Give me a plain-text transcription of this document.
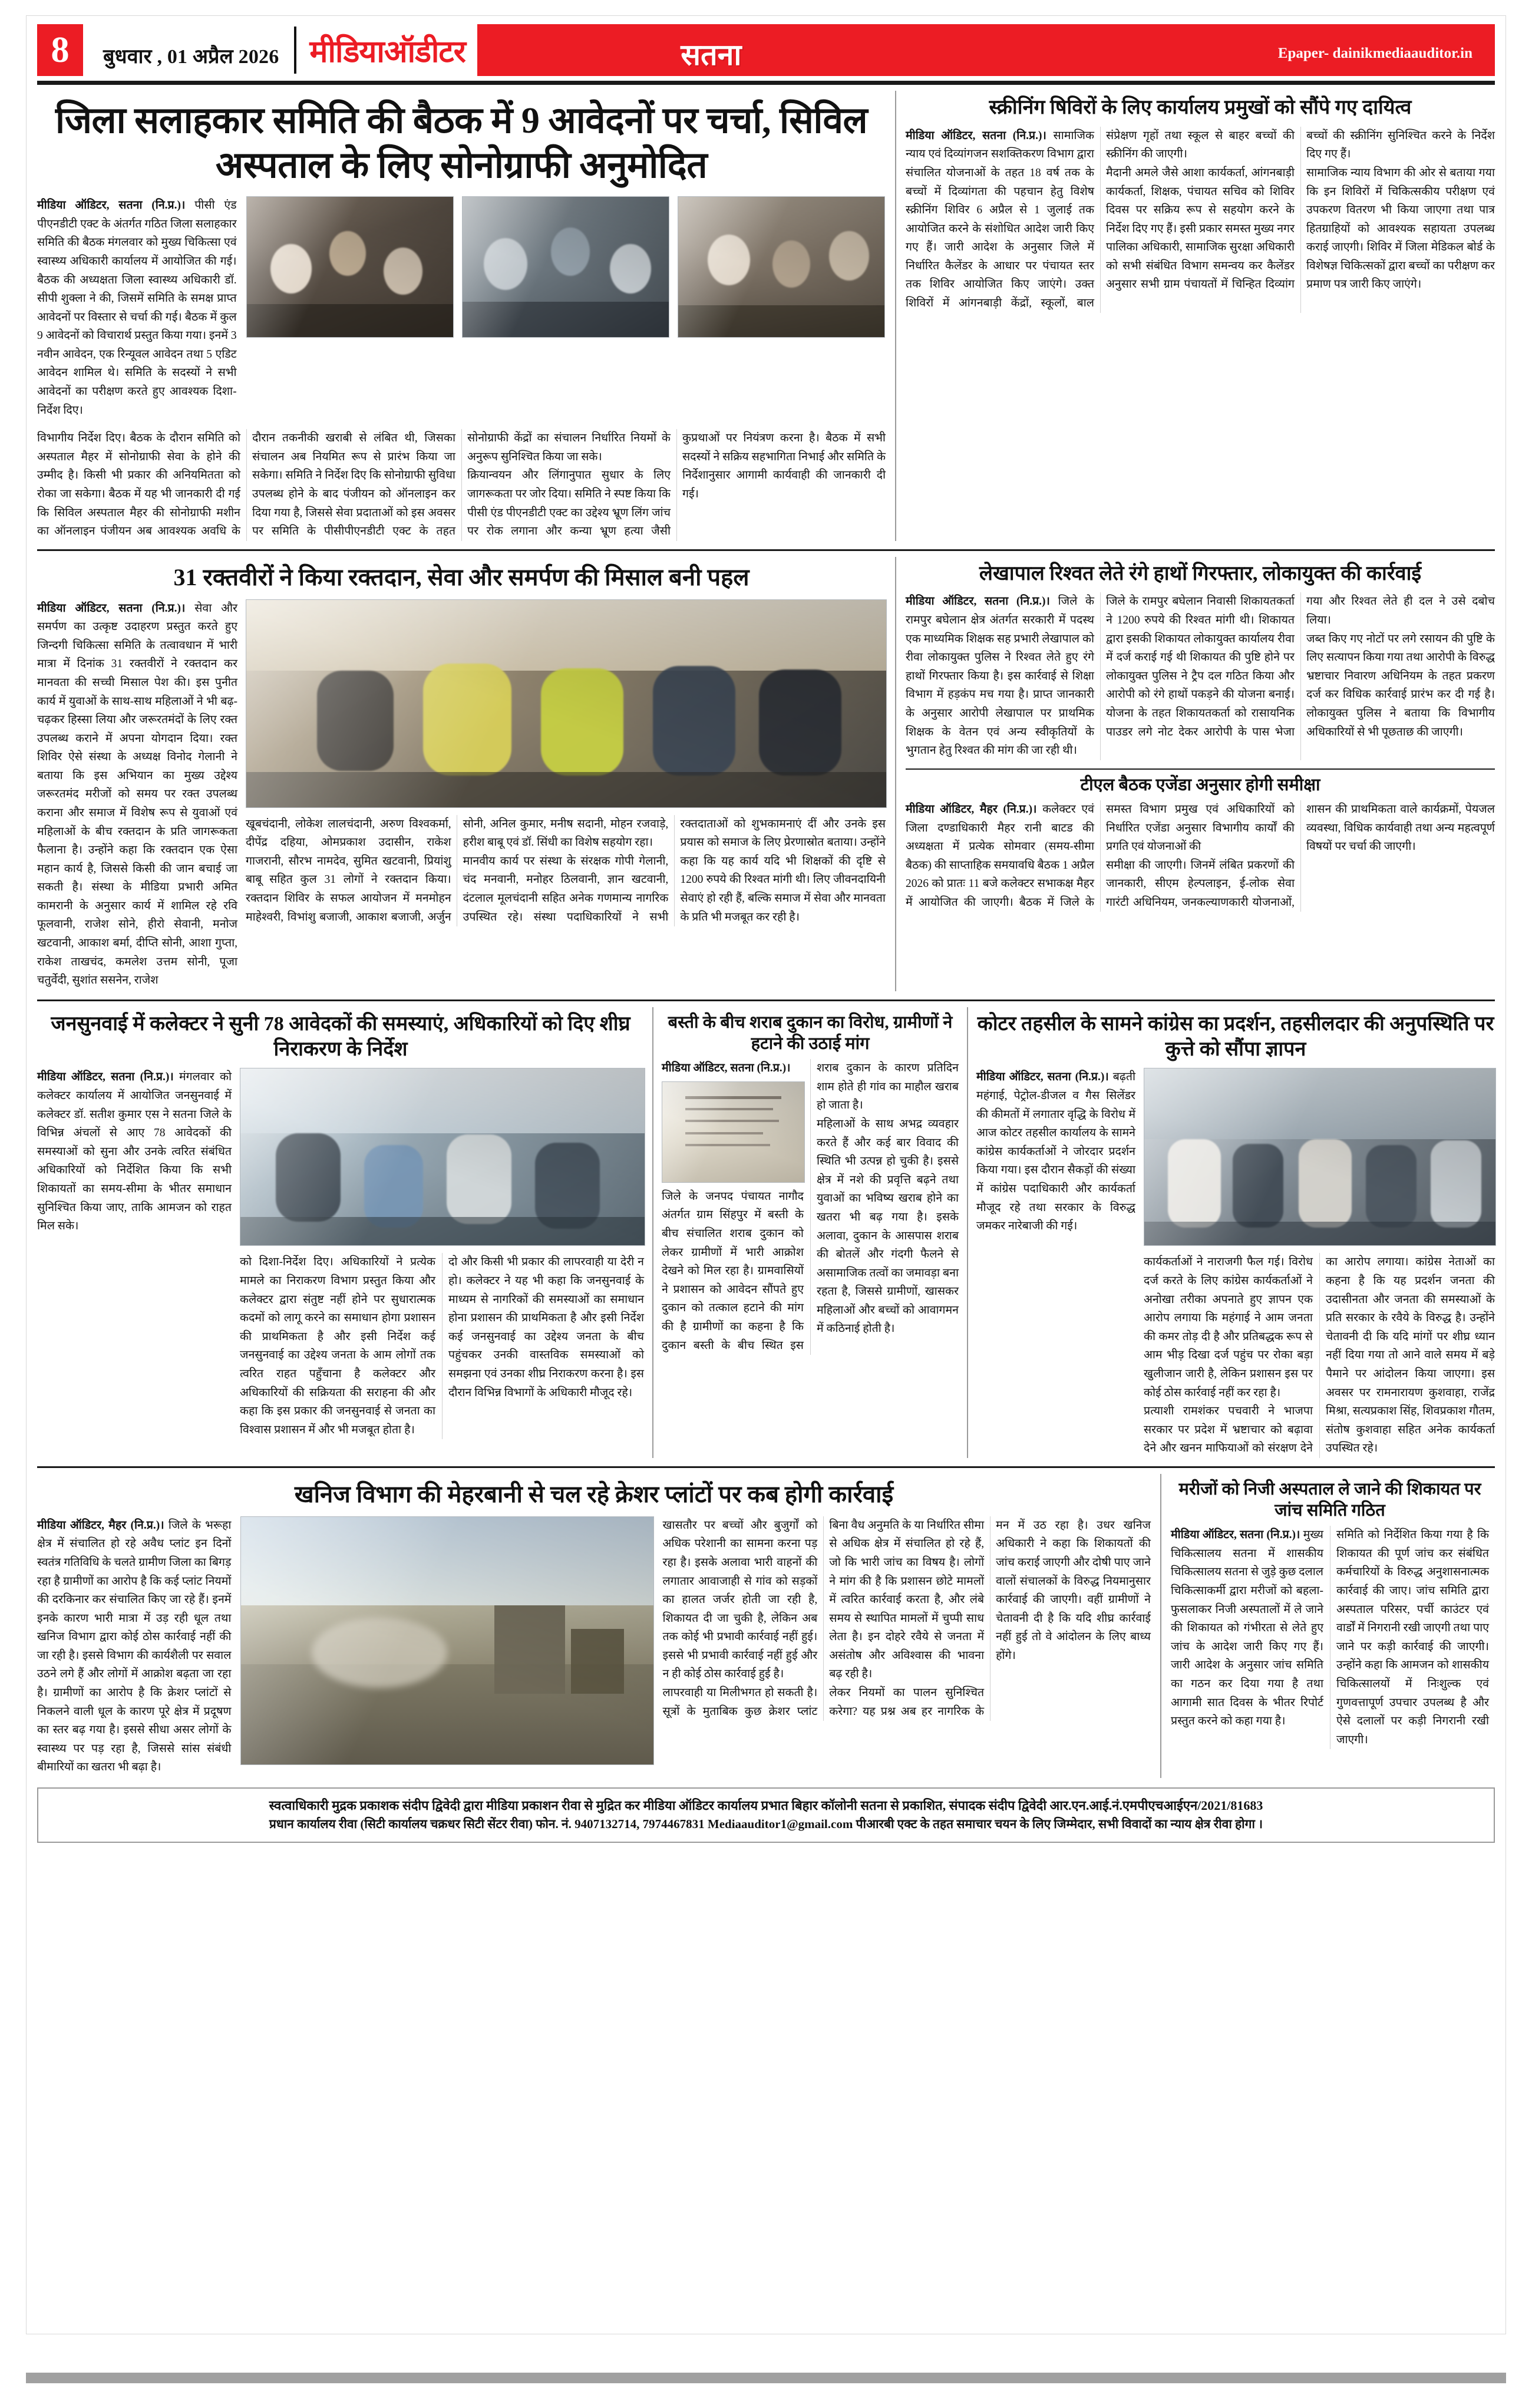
8	बुधवार , 01 अप्रैल 2026	मीडियाऑडीटर	सतना	Epaper- dainikmediaauditor.in
जिला सलाहकार समिति की बैठक में 9 आवेदनों पर चर्चा, सिविल अस्पताल के लिए सोनोग्राफी अनुमोदित

मीडिया ऑडिटर, सतना (नि.प्र.)। पीसी एंड पीएनडीटी एक्ट के अंतर्गत गठित जिला सलाहकार समिति की बैठक मंगलवार को मुख्य चिकित्सा एवं स्वास्थ्य अधिकारी कार्यालय में आयोजित की गई। बैठक की अध्यक्षता जिला स्वास्थ्य अधिकारी डॉ. सीपी शुक्ला ने की, जिसमें समिति के समक्ष प्राप्त आवेदनों पर विस्तार से चर्चा की गई। बैठक में कुल 9 आवेदनों को विचारार्थ प्रस्तुत किया गया। इनमें 3 नवीन आवेदन, एक रिन्यूवल आवेदन तथा 5 एडिट आवेदन शामिल थे। समिति के सदस्यों ने सभी आवेदनों का परीक्षण करते हुए आवश्यक दिशा-निर्देश दिए।

विभागीय निर्देश दिए। बैठक के दौरान समिति को अस्पताल मैहर में सोनोग्राफी सेवा के होने की उम्मीद है। किसी भी प्रकार की अनियमितता को रोका जा सकेगा। बैठक में यह भी जानकारी दी गई कि सिविल अस्पताल मैहर की सोनोग्राफी मशीन का ऑनलाइन पंजीयन अब आवश्यक अवधि के दौरान तकनीकी खराबी से लंबित थी, जिसका संचालन अब नियमित रूप से प्रारंभ किया जा सकेगा। समिति ने निर्देश दिए कि सोनोग्राफी सुविधा उपलब्ध होने के बाद पंजीयन को ऑनलाइन कर दिया गया है, जिससे सेवा प्रदाताओं को इस अवसर पर समिति के पीसीपीएनडीटी एक्ट के तहत सोनोग्राफी केंद्रों का संचालन निर्धारित नियमों के अनुरूप सुनिश्चित किया जा सके।
क्रियान्वयन और लिंगानुपात सुधार के लिए जागरूकता पर जोर दिया। समिति ने स्पष्ट किया कि पीसी एंड पीएनडीटी एक्ट का उद्देश्य भ्रूण लिंग जांच पर रोक लगाना और कन्या भ्रूण हत्या जैसी कुप्रथाओं पर नियंत्रण करना है। बैठक में सभी सदस्यों ने सक्रिय सहभागिता निभाई और समिति के निर्देशानुसार आगामी कार्यवाही की जानकारी दी गई।
स्क्रीनिंग षिविरों के लिए कार्यालय प्रमुखों को सौंपे गए दायित्व

मीडिया ऑडिटर, सतना (नि.प्र.)। सामाजिक न्याय एवं दिव्यांगजन सशक्तिकरण विभाग द्वारा संचालित योजनाओं के तहत 18 वर्ष तक के बच्चों में दिव्यांगता की पहचान हेतु विशेष स्क्रीनिंग शिविर 6 अप्रैल से 1 जुलाई तक आयोजित करने के संशोधित आदेश जारी किए गए हैं। जारी आदेश के अनुसार जिले में निर्धारित कैलेंडर के आधार पर पंचायत स्तर तक शिविर आयोजित किए जाएंगे। उक्त शिविरों में आंगनबाड़ी केंद्रों, स्कूलों, बाल संप्रेक्षण गृहों तथा स्कूल से बाहर बच्चों की स्क्रीनिंग की जाएगी।

मैदानी अमले जैसे आशा कार्यकर्ता, आंगनबाड़ी कार्यकर्ता, शिक्षक, पंचायत सचिव को शिविर दिवस पर सक्रिय रूप से सहयोग करने के निर्देश दिए गए हैं। इसी प्रकार समस्त मुख्य नगर पालिका अधिकारी, सामाजिक सुरक्षा अधिकारी को सभी संबंधित विभाग समन्वय कर कैलेंडर अनुसार सभी ग्राम पंचायतों में चिन्हित दिव्यांग बच्चों की स्क्रीनिंग सुनिश्चित करने के निर्देश दिए गए हैं।
सामाजिक न्याय विभाग की ओर से बताया गया कि इन शिविरों में चिकित्सकीय परीक्षण एवं उपकरण वितरण भी किया जाएगा तथा पात्र हितग्राहियों को आवश्यक सहायता उपलब्ध कराई जाएगी। शिविर में जिला मेडिकल बोर्ड के विशेषज्ञ चिकित्सकों द्वारा बच्चों का परीक्षण कर प्रमाण पत्र जारी किए जाएंगे।
31 रक्तवीरों ने किया रक्तदान, सेवा और समर्पण की मिसाल बनी पहल

मीडिया ऑडिटर, सतना (नि.प्र.)। सेवा और समर्पण का उत्कृष्ट उदाहरण प्रस्तुत करते हुए जिन्दगी चिकित्सा समिति के तत्वावधान में भारी मात्रा में दिनांक 31 रक्तवीरों ने रक्तदान कर मानवता की सच्ची मिसाल पेश की। इस पुनीत कार्य में युवाओं के साथ-साथ महिलाओं ने भी बढ़-चढ़कर हिस्सा लिया और जरूरतमंदों के लिए रक्त उपलब्ध कराने में अपना योगदान दिया। रक्त शिविर ऐसे संस्था के अध्यक्ष विनोद गेलानी ने बताया कि इस अभियान का मुख्य उद्देश्य जरूरतमंद मरीजों को समय पर रक्त उपलब्ध कराना और समाज में विशेष रूप से युवाओं एवं महिलाओं के बीच रक्तदान के प्रति जागरूकता फैलाना है। उन्होंने कहा कि रक्तदान एक ऐसा महान कार्य है, जिससे किसी की जान बचाई जा सकती है। संस्था के मीडिया प्रभारी अमित कामरानी के अनुसार कार्य में शामिल रहे रवि फूलवानी, राजेश सोने, हीरो सेवानी, मनोज खटवानी, आकाश बर्मा, दीप्ति सोनी, आशा गुप्ता, राकेश ताखचंद, कमलेश उत्तम सोनी, पूजा चतुर्वेदी, सुशांत ससनेन, राजेश

खूबचंदानी, लोकेश लालचंदानी, अरुण विश्वकर्मा, दीपेंद्र दहिया, ओमप्रकाश उदासीन, राकेश गाजरानी, सौरभ नामदेव, सुमित खटवानी, प्रियांशु बाबू सहित कुल 31 लोगों ने रक्तदान किया। रक्तदान शिविर के सफल आयोजन में मनमोहन माहेश्वरी, विभांशु बजाजी, आकाश बजाजी, अर्जुन सोनी, अनिल कुमार, मनीष सदानी, मोहन रजवाड़े, हरीश बाबू एवं डॉ. सिंधी का विशेष सहयोग रहा।
मानवीय कार्य पर संस्था के संरक्षक गोपी गेलानी, चंद मनवानी, मनोहर ठिलवानी, ज्ञान खटवानी, दंटलाल मूलचंदानी सहित अनेक गणमान्य नागरिक उपस्थित रहे। संस्था पदाधिकारियों ने सभी रक्तदाताओं को शुभकामनाएं दीं और उनके इस प्रयास को समाज के लिए प्रेरणास्रोत बताया। उन्होंने कहा कि यह कार्य यदि भी शिक्षकों की दृष्टि से 1200 रुपये की रिश्वत मांगी थी। लिए जीवनदायिनी सेवाएं हो रही हैं, बल्कि समाज में सेवा और मानवता के प्रति भी मजबूत कर रही है।
लेखापाल रिश्वत लेते रंगे हाथों गिरफ्तार, लोकायुक्त की कार्रवाई

मीडिया ऑडिटर, सतना (नि.प्र.)। जिले के रामपुर बघेलान क्षेत्र अंतर्गत सरकारी में पदस्थ एक माध्यमिक शिक्षक सह प्रभारी लेखापाल को रीवा लोकायुक्त पुलिस ने रिश्वत लेते हुए रंगे हाथों गिरफ्तार किया है। इस कार्रवाई से शिक्षा विभाग में हड़कंप मच गया है। प्राप्त जानकारी के अनुसार आरोपी लेखापाल पर प्राथमिक शिक्षक के वेतन एवं अन्य स्वीकृतियों के भुगतान हेतु रिश्वत की मांग की जा रही थी।

जिले के रामपुर बघेलान निवासी शिकायतकर्ता ने 1200 रुपये की रिश्वत मांगी थी। शिकायत द्वारा इसकी शिकायत लोकायुक्त कार्यालय रीवा में दर्ज कराई गई थी शिकायत की पुष्टि होने पर लोकायुक्त पुलिस ने ट्रैप दल गठित किया और आरोपी को रंगे हाथों पकड़ने की योजना बनाई। योजना के तहत शिकायतकर्ता को रासायनिक पाउडर लगे नोट देकर आरोपी के पास भेजा गया और रिश्वत लेते ही दल ने उसे दबोच लिया।
जब्त किए गए नोटों पर लगे रसायन की पुष्टि के लिए सत्यापन किया गया तथा आरोपी के विरुद्ध भ्रष्टाचार निवारण अधिनियम के तहत प्रकरण दर्ज कर विधिक कार्रवाई प्रारंभ कर दी गई है। लोकायुक्त पुलिस ने बताया कि विभागीय अधिकारियों से भी पूछताछ की जाएगी।
टीएल बैठक एजेंडा अनुसार होगी समीक्षा

मीडिया ऑडिटर, मैहर (नि.प्र.)। कलेक्टर एवं जिला दण्डाधिकारी मैहर रानी बाटड की अध्यक्षता में प्रत्येक सोमवार (समय-सीमा बैठक) की साप्ताहिक समयावधि बैठक 1 अप्रैल 2026 को प्रातः 11 बजे कलेक्टर सभाकक्ष मैहर में आयोजित की जाएगी। बैठक में जिले के समस्त विभाग प्रमुख एवं अधिकारियों को निर्धारित एजेंडा अनुसार विभागीय कार्यों की प्रगति एवं योजनाओं की

समीक्षा की जाएगी। जिनमें लंबित प्रकरणों की जानकारी, सीएम हेल्पलाइन, ई-लोक सेवा गारंटी अधिनियम, जनकल्याणकारी योजनाओं, शासन की प्राथमिकता वाले कार्यक्रमों, पेयजल व्यवस्था, विधिक कार्यवाही तथा अन्य महत्वपूर्ण विषयों पर चर्चा की जाएगी।
जनसुनवाई में कलेक्टर ने सुनी 78 आवेदकों की समस्याएं, अधिकारियों को दिए शीघ्र निराकरण के निर्देश

मीडिया ऑडिटर, सतना (नि.प्र.)। मंगलवार को कलेक्टर कार्यालय में आयोजित जनसुनवाई में कलेक्टर डॉ. सतीश कुमार एस ने सतना जिले के विभिन्न अंचलों से आए 78 आवेदकों की समस्याओं को सुना और उनके त्वरित संबंधित अधिकारियों को निर्देशित किया कि सभी शिकायतों का समय-सीमा के भीतर समाधान सुनिश्चित किया जाए, ताकि आमजन को राहत मिल सके।

को दिशा-निर्देश दिए। अधिकारियों ने प्रत्येक मामले का निराकरण विभाग प्रस्तुत किया और कलेक्टर द्वारा संतुष्ट नहीं होने पर सुधारात्मक कदमों को लागू करने का समाधान होगा प्रशासन की प्राथमिकता है और इसी निर्देश कई जनसुनवाई का उद्देश्य जनता के आम लोगों तक त्वरित राहत पहुँचाना है कलेक्टर और अधिकारियों की सक्रियता की सराहना की और कहा कि इस प्रकार की जनसुनवाई से जनता का विश्वास प्रशासन में और भी मजबूत होता है।
दो और किसी भी प्रकार की लापरवाही या देरी न हो। कलेक्टर ने यह भी कहा कि जनसुनवाई के माध्यम से नागरिकों की समस्याओं का समाधान होना प्रशासन की प्राथमिकता है और इसी निर्देश कई जनसुनवाई का उद्देश्य जनता के बीच पहुंचकर उनकी वास्तविक समस्याओं को समझना एवं उनका शीघ्र निराकरण करना है। इस दौरान विभिन्न विभागों के अधिकारी मौजूद रहे।
बस्ती के बीच शराब दुकान का विरोध, ग्रामीणों ने हटाने की उठाई मांग

मीडिया ऑडिटर, सतना (नि.प्र.)।

जिले के जनपद पंचायत नागौद अंतर्गत ग्राम सिंहपुर में बस्ती के बीच संचालित शराब दुकान को लेकर ग्रामीणों में भारी आक्रोश देखने को मिल रहा है। ग्रामवासियों ने प्रशासन को आवेदन सौंपते हुए दुकान को तत्काल हटाने की मांग की है ग्रामीणों का कहना है कि दुकान बस्ती के बीच स्थित इस शराब दुकान के कारण प्रतिदिन शाम होते ही गांव का माहौल खराब हो जाता है।

महिलाओं के साथ अभद्र व्यवहार करते हैं और कई बार विवाद की स्थिति भी उत्पन्न हो चुकी है। इससे क्षेत्र में नशे की प्रवृत्ति बढ़ने तथा युवाओं का भविष्य खराब होने का खतरा भी बढ़ गया है। इसके अलावा, दुकान के आसपास शराब की बोतलें और गंदगी फैलने से असामाजिक तत्वों का जमावड़ा बना रहता है, जिससे ग्रामीणों, खासकर महिलाओं और बच्चों को आवागमन में कठिनाई होती है।
कोटर तहसील के सामने कांग्रेस का प्रदर्शन, तहसीलदार की अनुपस्थिति पर कुत्ते को सौंपा ज्ञापन

मीडिया ऑडिटर, सतना (नि.प्र.)। बढ़ती महंगाई, पेट्रोल-डीजल व गैस सिलेंडर की कीमतों में लगातार वृद्धि के विरोध में आज कोटर तहसील कार्यालय के सामने कांग्रेस कार्यकर्ताओं ने जोरदार प्रदर्शन किया गया। इस दौरान सैकड़ों की संख्या में कांग्रेस पदाधिकारी और कार्यकर्ता मौजूद रहे तथा सरकार के विरुद्ध जमकर नारेबाजी की गई।

कार्यकर्ताओं ने नाराजगी फैल गई। विरोध दर्ज करते के लिए कांग्रेस कार्यकर्ताओं ने अनोखा तरीका अपनाते हुए ज्ञापन एक आरोप लगाया कि महंगाई ने आम जनता की कमर तोड़ दी है और प्रतिबद्धक रूप से आम भीड़ दिखा दर्ज पहुंच पर रोका बड़ा खुलीजान जारी है, लेकिन प्रशासन इस पर कोई ठोस कार्रवाई नहीं कर रहा है।
प्रत्याशी रामशंकर पचवारी ने भाजपा सरकार पर प्रदेश में भ्रष्टाचार को बढ़ावा देने और खनन माफियाओं को संरक्षण देने का आरोप लगाया। कांग्रेस नेताओं का कहना है कि यह प्रदर्शन जनता की उदासीनता और जनता की समस्याओं के प्रति सरकार के रवैये के विरुद्ध है। उन्होंने चेतावनी दी कि यदि मांगों पर शीघ्र ध्यान नहीं दिया गया तो आने वाले समय में बड़े पैमाने पर आंदोलन किया जाएगा। इस अवसर पर रामनारायण कुशवाहा, राजेंद्र मिश्रा, सत्यप्रकाश सिंह, शिवप्रकाश गौतम, संतोष कुशवाहा सहित अनेक कार्यकर्ता उपस्थित रहे।
खनिज विभाग की मेहरबानी से चल रहे क्रेशर प्लांटों पर कब होगी कार्रवाई

मीडिया ऑडिटर, मैहर (नि.प्र.)। जिले के भरूहा क्षेत्र में संचालित हो रहे अवैध प्लांट इन दिनों स्वतंत्र गतिविधि के चलते ग्रामीण जिला का बिगड़ रहा है ग्रामीणों का आरोप है कि कई प्लांट नियमों की दरकिनार कर संचालित किए जा रहे हैं। इनमें इनके कारण भारी मात्रा में उड़ रही धूल तथा खनिज विभाग द्वारा कोई ठोस कार्रवाई नहीं की जा रही है। इससे विभाग की कार्यशैली पर सवाल उठने लगे हैं और लोगों में आक्रोश बढ़ता जा रहा है। ग्रामीणों का आरोप है कि क्रेशर प्लांटों से निकलने वाली धूल के कारण पूरे क्षेत्र में प्रदूषण का स्तर बढ़ गया है। इससे सीधा असर लोगों के स्वास्थ्य पर पड़ रहा है, जिससे सांस संबंधी बीमारियों का खतरा भी बढ़ा है।

खासतौर पर बच्चों और बुजुर्गों को अधिक परेशानी का सामना करना पड़ रहा है। इसके अलावा भारी वाहनों की लगातार आवाजाही से गांव को सड़कों का हालत जर्जर होती जा रही है, शिकायत दी जा चुकी है, लेकिन अब तक कोई भी प्रभावी कार्रवाई नहीं हुई। इससे भी प्रभावी कार्रवाई नहीं हुई और न ही कोई ठोस कार्रवाई हुई है।
लापरवाही या मिलीभगत हो सकती है। सूत्रों के मुताबिक कुछ क्रेशर प्लांट बिना वैध अनुमति के या निर्धारित सीमा से अधिक क्षेत्र में संचालित हो रहे हैं, जो कि भारी जांच का विषय है। लोगों ने मांग की है कि प्रशासन छोटे मामलों में त्वरित कार्रवाई करता है, और लंबे समय से स्थापित मामलों में चुप्पी साध लेता है। इन दोहरे रवैये से जनता में असंतोष और अविश्वास की भावना बढ़ रही है।
लेकर नियमों का पालन सुनिश्चित करेगा? यह प्रश्न अब हर नागरिक के मन में उठ रहा है। उधर खनिज अधिकारी ने कहा कि शिकायतों की जांच कराई जाएगी और दोषी पाए जाने वालों संचालकों के विरुद्ध नियमानुसार कार्रवाई की जाएगी। वहीं ग्रामीणों ने चेतावनी दी है कि यदि शीघ्र कार्रवाई नहीं हुई तो वे आंदोलन के लिए बाध्य होंगे।
मरीजों को निजी अस्पताल ले जाने की शिकायत पर जांच समिति गठित

मीडिया ऑडिटर, सतना (नि.प्र.)। मुख्य चिकित्सालय सतना में शासकीय चिकित्सालय सतना से जुड़े कुछ दलाल चिकित्साकर्मी द्वारा मरीजों को बहला-फुसलाकर निजी अस्पतालों में ले जाने की शिकायत को गंभीरता से लेते हुए जांच के आदेश जारी किए गए हैं। जारी आदेश के अनुसार जांच समिति का गठन कर दिया गया है तथा आगामी सात दिवस के भीतर रिपोर्ट प्रस्तुत करने को कहा गया है।

समिति को निर्देशित किया गया है कि शिकायत की पूर्ण जांच कर संबंधित कर्मचारियों के विरुद्ध अनुशासनात्मक कार्रवाई की जाए। जांच समिति द्वारा अस्पताल परिसर, पर्ची काउंटर एवं वार्डों में निगरानी रखी जाएगी तथा पाए जाने पर कड़ी कार्रवाई की जाएगी। उन्होंने कहा कि आमजन को शासकीय चिकित्सालयों में निःशुल्क एवं गुणवत्तापूर्ण उपचार उपलब्ध है और ऐसे दलालों पर कड़ी निगरानी रखी जाएगी।
स्वत्वाधिकारी मुद्रक प्रकाशक संदीप द्विवेदी द्वारा मीडिया प्रकाशन रीवा से मुद्रित कर मीडिया ऑडिटर कार्यालय प्रभात बिहार कॉलोनी सतना से प्रकाशित, संपादक संदीप द्विवेदी आर.एन.आई.नं.एमपीएचआईएन/2021/81683
प्रधान कार्यालय रीवा (सिटी कार्यालय चक्रधर सिटी सेंटर रीवा) फोन. नं. 9407132714, 7974467831 Mediaauditor1@gmail.com पीआरबी एक्ट के तहत समाचार चयन के लिए जिम्मेदार, सभी विवादों का न्याय क्षेत्र रीवा होगा ।
